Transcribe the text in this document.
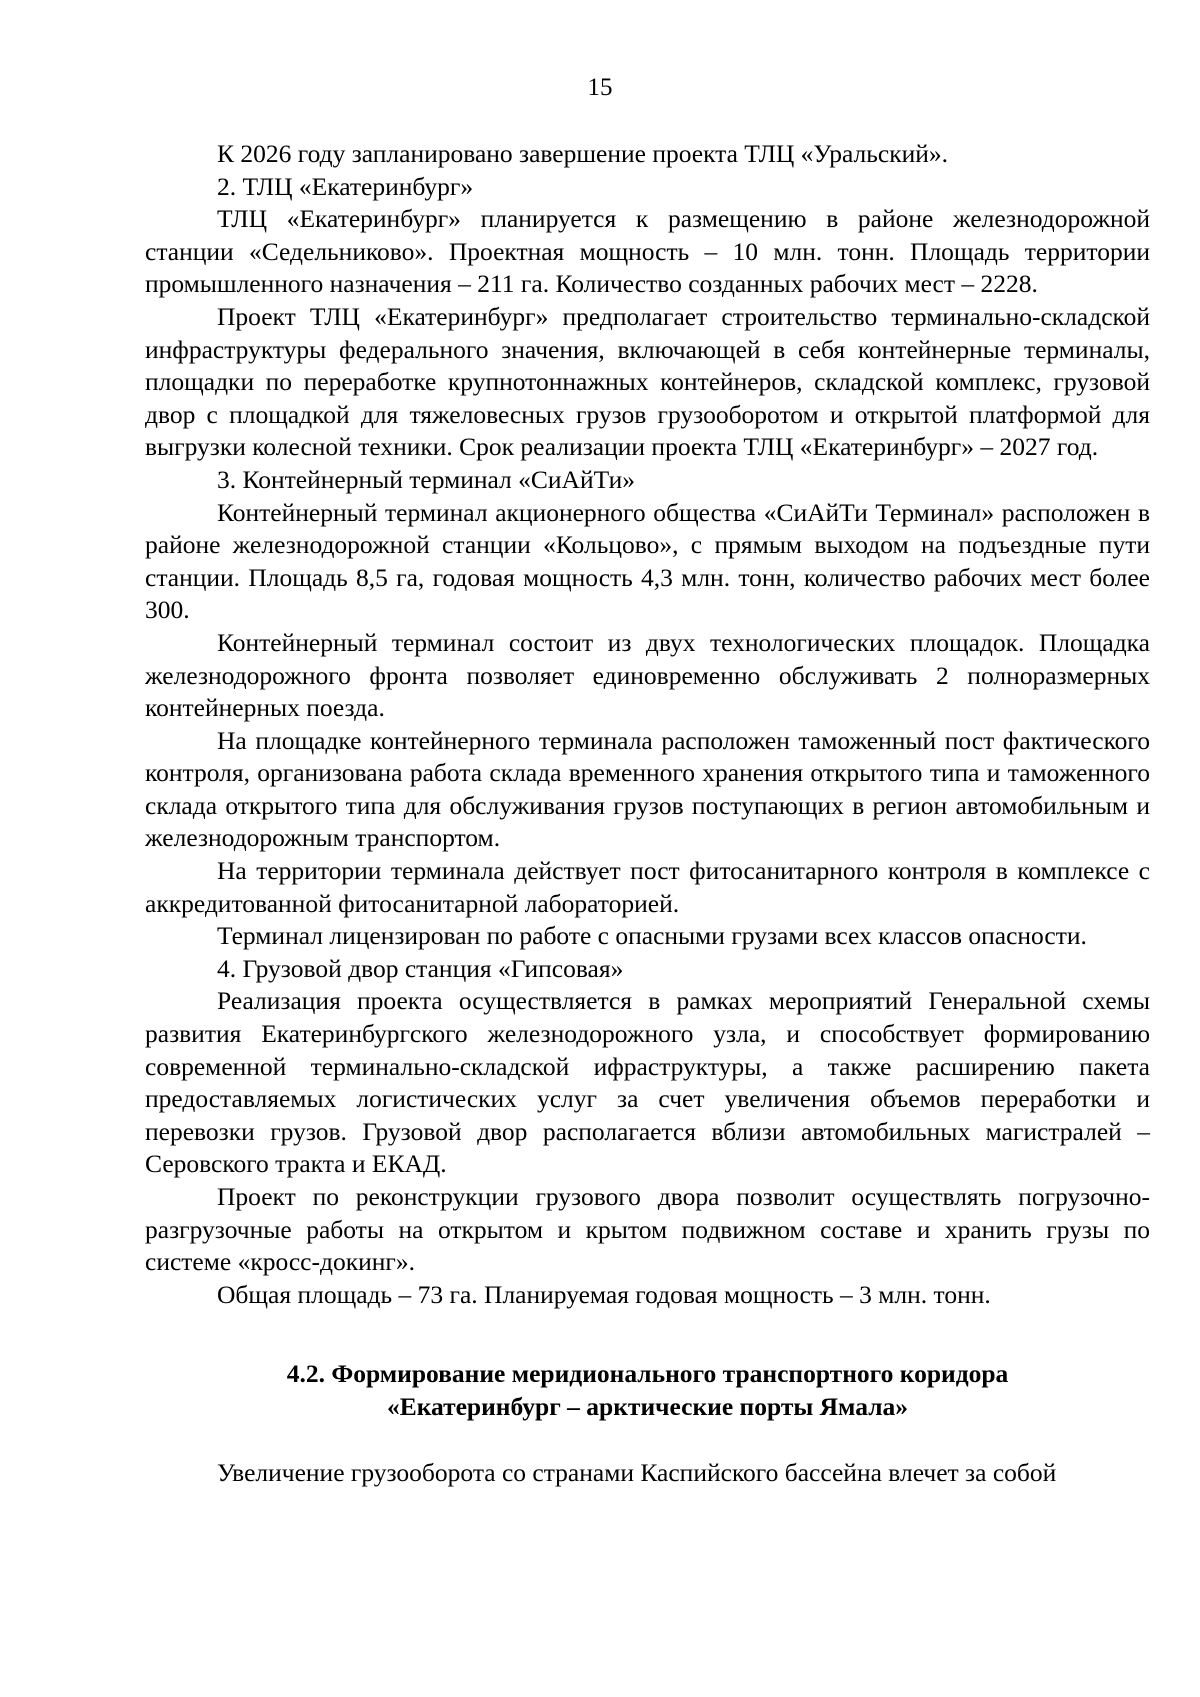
15

К 2026 году запланировано завершение проекта ТЛЦ «Уральский».

2. ТЛЦ «Екатеринбург»

ТЛЦ «Екатеринбург» планируется к размещению в районе железнодорожной станции «Седельниково». Проектная мощность – 10 млн. тонн. Площадь территории промышленного назначения – 211 га. Количество созданных рабочих мест – 2228.

Проект ТЛЦ «Екатеринбург» предполагает строительство терминально-складской инфраструктуры федерального значения, включающей в себя контейнерные терминалы, площадки по переработке крупнотоннажных контейнеров, складской комплекс, грузовой двор с площадкой для тяжеловесных грузов грузооборотом и открытой платформой для выгрузки колесной техники. Срок реализации проекта ТЛЦ «Екатеринбург» – 2027 год.

3. Контейнерный терминал «СиАйТи»

Контейнерный терминал акционерного общества «СиАйТи Терминал» расположен в районе железнодорожной станции «Кольцово», с прямым выходом на подъездные пути станции. Площадь 8,5 га, годовая мощность 4,3 млн. тонн, количество рабочих мест более 300.

Контейнерный терминал состоит из двух технологических площадок. Площадка железнодорожного фронта позволяет единовременно обслуживать 2 полноразмерных контейнерных поезда.

На площадке контейнерного терминала расположен таможенный пост фактического контроля, организована работа склада временного хранения открытого типа и таможенного склада открытого типа для обслуживания грузов поступающих в регион автомобильным и железнодорожным транспортом.

На территории терминала действует пост фитосанитарного контроля в комплексе с аккредитованной фитосанитарной лабораторией.

Терминал лицензирован по работе с опасными грузами всех классов опасности.

4. Грузовой двор станция «Гипсовая»

Реализация проекта осуществляется в рамках мероприятий Генеральной схемы развития Екатеринбургского железнодорожного узла, и способствует формированию современной терминально-складской ифраструктуры, а также расширению пакета предоставляемых логистических услуг за счет увеличения объемов переработки и перевозки грузов. Грузовой двор располагается вблизи автомобильных магистралей – Серовского тракта и ЕКАД.

Проект по реконструкции грузового двора позволит осуществлять погрузочно-разгрузочные работы на открытом и крытом подвижном составе и хранить грузы по системе «кросс-докинг».

Общая площадь – 73 га. Планируемая годовая мощность – 3 млн. тонн.

4.2. Формирование меридионального транспортного коридора
«Екатеринбург – арктические порты Ямала»

Увеличение грузооборота со странами Каспийского бассейна влечет за собой
